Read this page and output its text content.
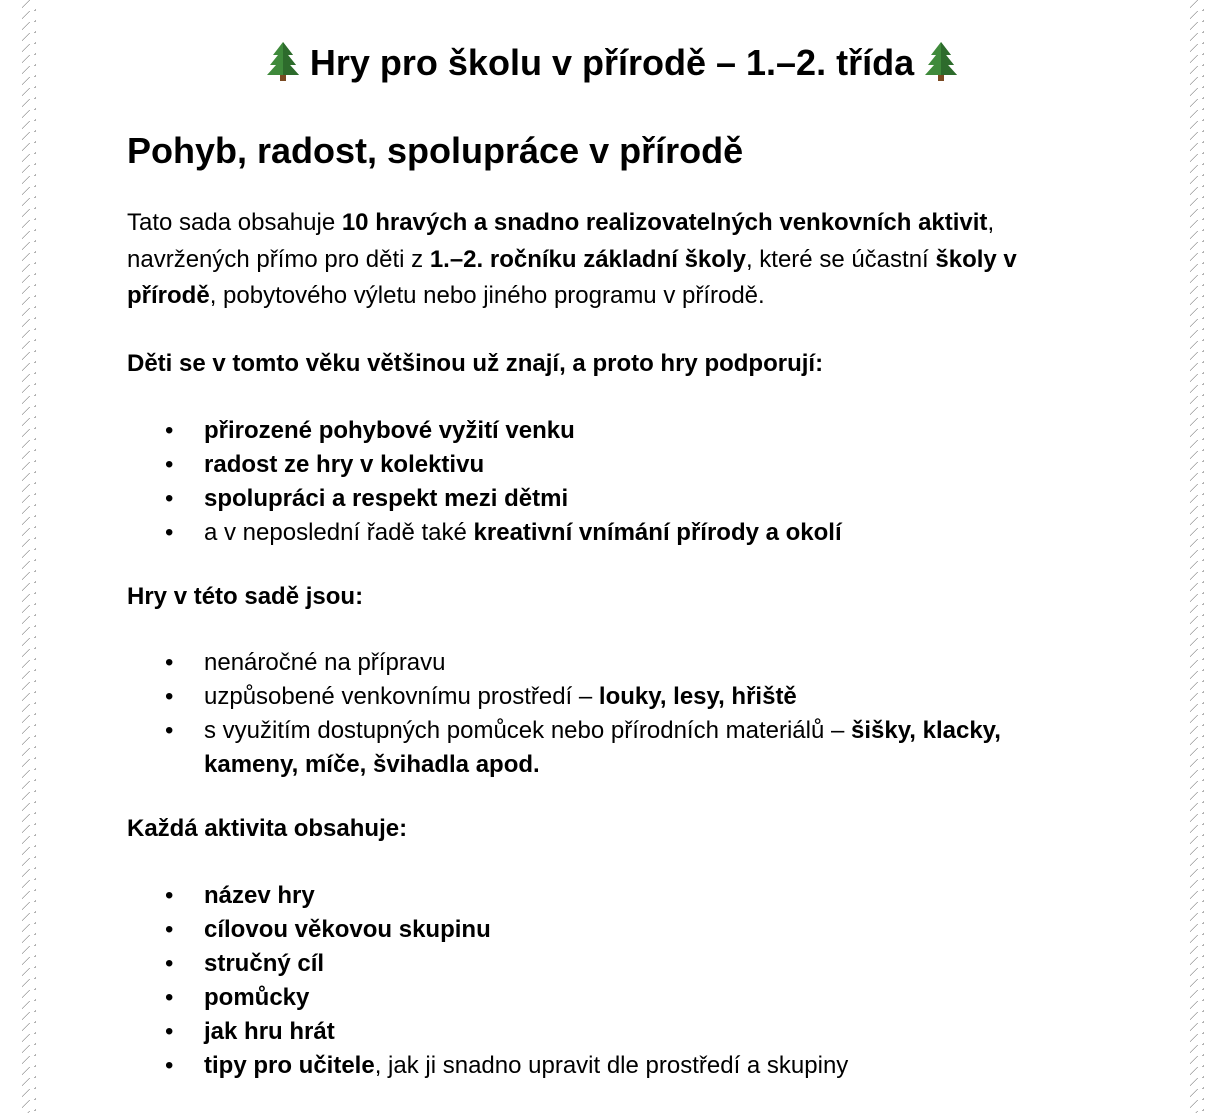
Hry pro školu v přírodě – 1.–2. třída
Pohyb, radost, spolupráce v přírodě
Tato sada obsahuje 10 hravých a snadno realizovatelných venkovních aktivit, navržených přímo pro děti z 1.–2. ročníku základní školy, které se účastní školy v přírodě, pobytového výletu nebo jiného programu v přírodě.
Děti se v tomto věku většinou už znají, a proto hry podporují:
• přirozené pohybové vyžití venku
• radost ze hry v kolektivu
• spolupráci a respekt mezi dětmi
• a v neposlední řadě také kreativní vnímání přírody a okolí
Hry v této sadě jsou:
• nenáročné na přípravu
• uzpůsobené venkovnímu prostředí – louky, lesy, hřiště
• s využitím dostupných pomůcek nebo přírodních materiálů – šišky, klacky, kameny, míče, švihadla apod.
Každá aktivita obsahuje:
• název hry
• cílovou věkovou skupinu
• stručný cíl
• pomůcky
• jak hru hrát
• tipy pro učitele, jak ji snadno upravit dle prostředí a skupiny
